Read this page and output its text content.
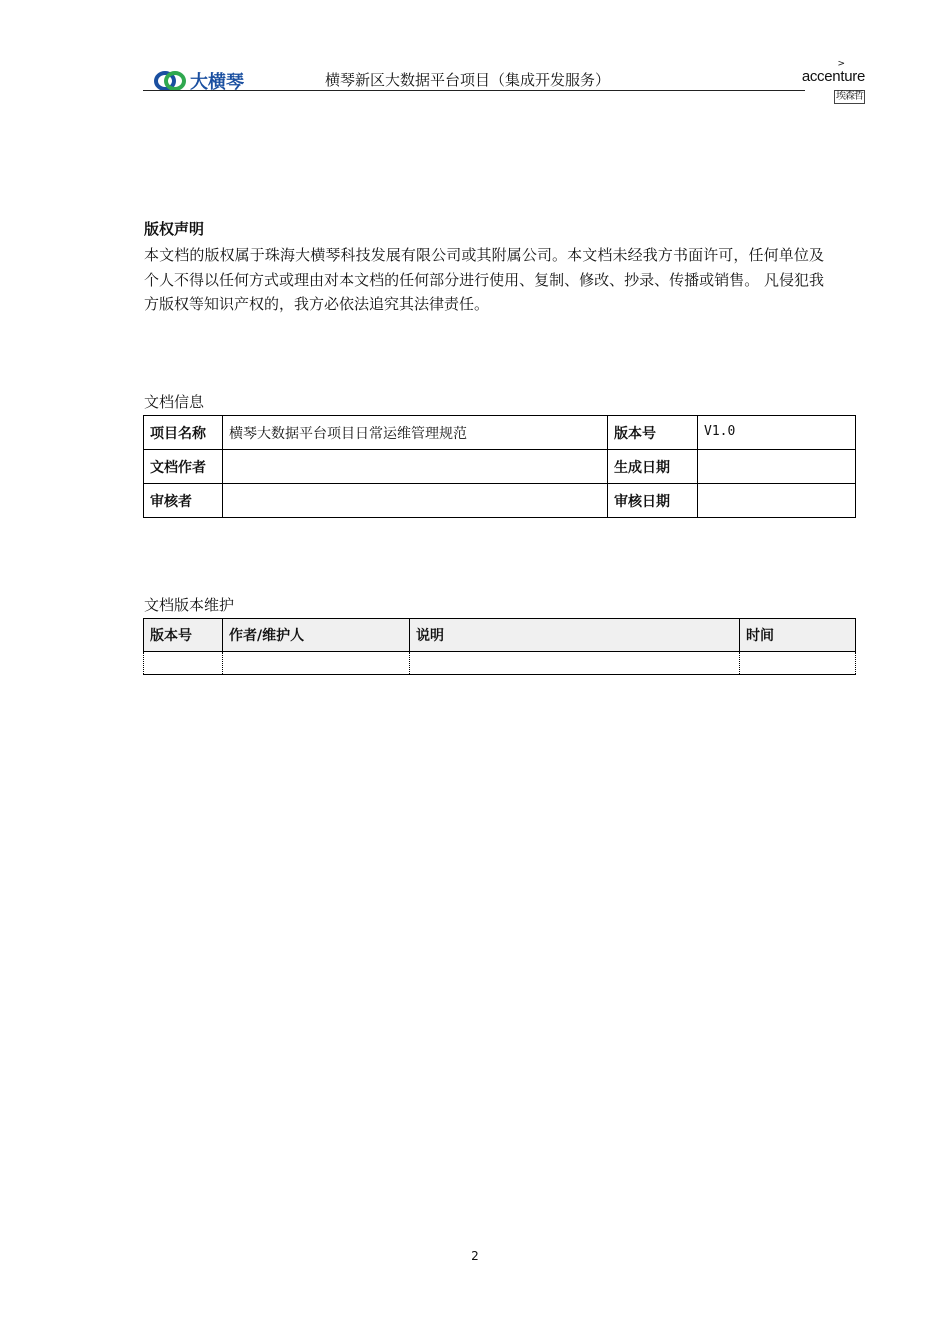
大横琴	横琴新区大数据平台项目（集成开发服务）
>
accenture
埃森哲
版权声明
本文档的版权属于珠海大横琴科技发展有限公司或其附属公司。本文档未经我方书面许可，任何单位及个人不得以任何方式或理由对本文档的任何部分进行使用、复制、修改、抄录、传播或销售。 凡侵犯我方版权等知识产权的，我方必依法追究其法律责任。
文档信息
项目名称	横琴大数据平台项目日常运维管理规范	版本号	V1.0
文档作者		生成日期	
审核者		审核日期	
文档版本维护
版本号	作者/维护人	说明	时间

2
